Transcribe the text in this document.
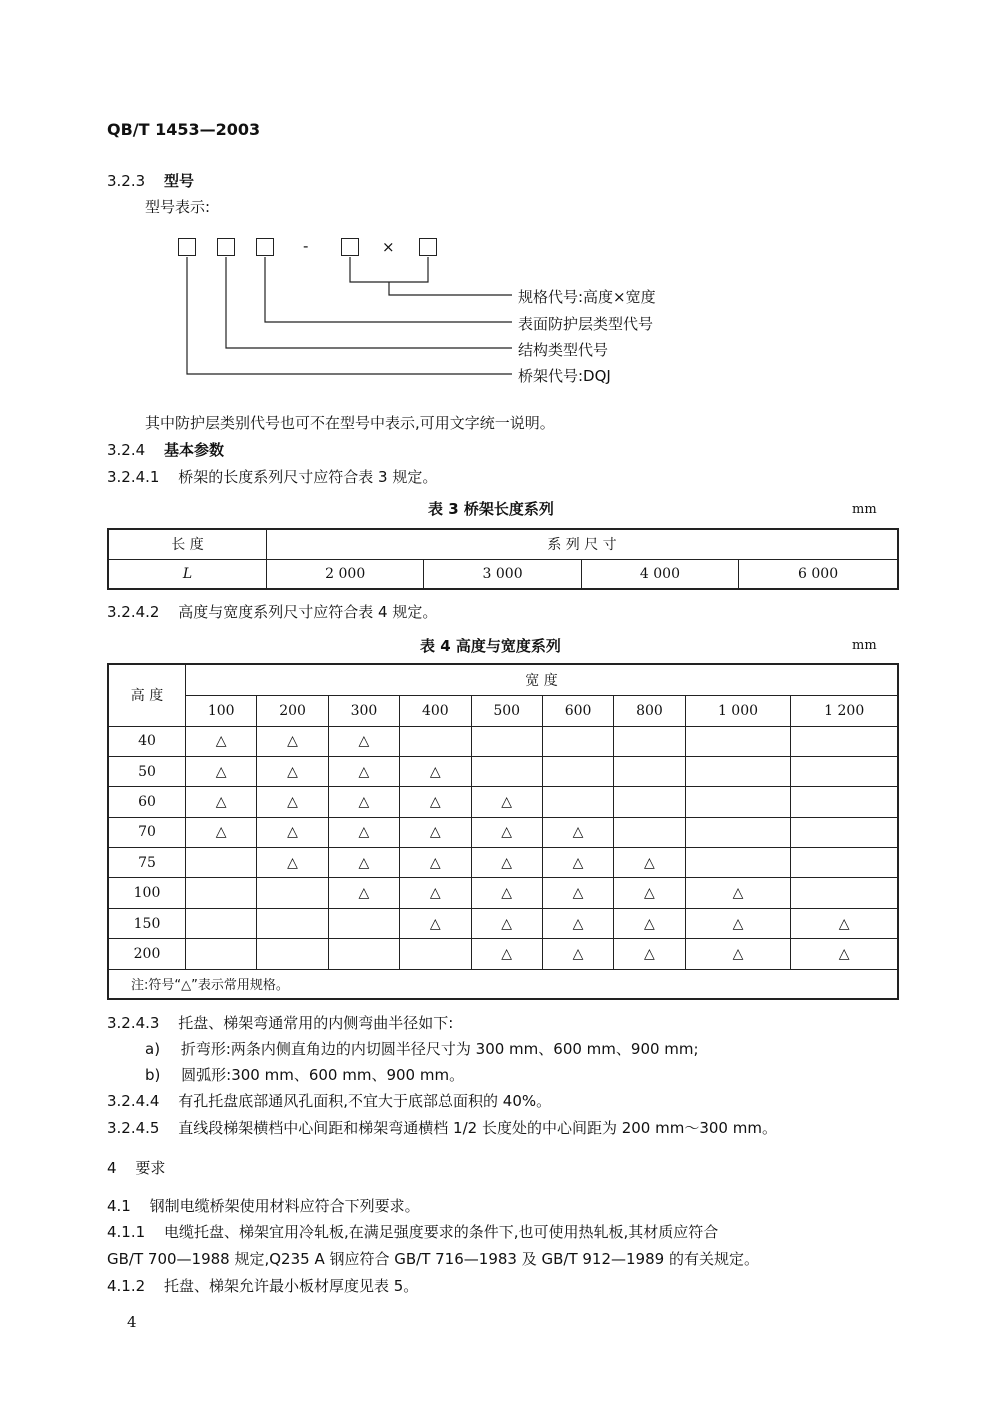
QB/T 1453—2003
3.2.3 型号
型号表示:
-	×
规格代号:高度×宽度
表面防护层类型代号
结构类型代号
桥架代号:DQJ
其中防护层类别代号也可不在型号中表示,可用文字统一说明。
3.2.4 基本参数
3.2.4.1 桥架的长度系列尺寸应符合表 3 规定。
表 3 桥架长度系列	mm
长 度	系 列 尺 寸			
L	2 000	3 000	4 000	6 000
3.2.4.2 高度与宽度系列尺寸应符合表 4 规定。
表 4 高度与宽度系列	mm
高 度	宽 度								
	100	200	300	400	500	600	800	1 000	1 200
40	△	△	△						
50	△	△	△	△					
60	△	△	△	△	△				
70	△	△	△	△	△	△			
75		△	△	△	△	△	△		
100			△	△	△	△	△	△	
150				△	△	△	△	△	△
200					△	△	△	△	△
注:符号“△”表示常用规格。									
3.2.4.3 托盘、梯架弯通常用的内侧弯曲半径如下:
a) 折弯形:两条内侧直角边的内切圆半径尺寸为 300 mm、600 mm、900 mm;
b) 圆弧形:300 mm、600 mm、900 mm。
3.2.4.4 有孔托盘底部通风孔面积,不宜大于底部总面积的 40%。
3.2.4.5 直线段梯架横档中心间距和梯架弯通横档 1/2 长度处的中心间距为 200 mm～300 mm。
4 要求
4.1 钢制电缆桥架使用材料应符合下列要求。
4.1.1 电缆托盘、梯架宜用冷轧板,在满足强度要求的条件下,也可使用热轧板,其材质应符合
GB/T 700—1988 规定,Q235 A 钢应符合 GB/T 716—1983 及 GB/T 912—1989 的有关规定。
4.1.2 托盘、梯架允许最小板材厚度见表 5。
4
